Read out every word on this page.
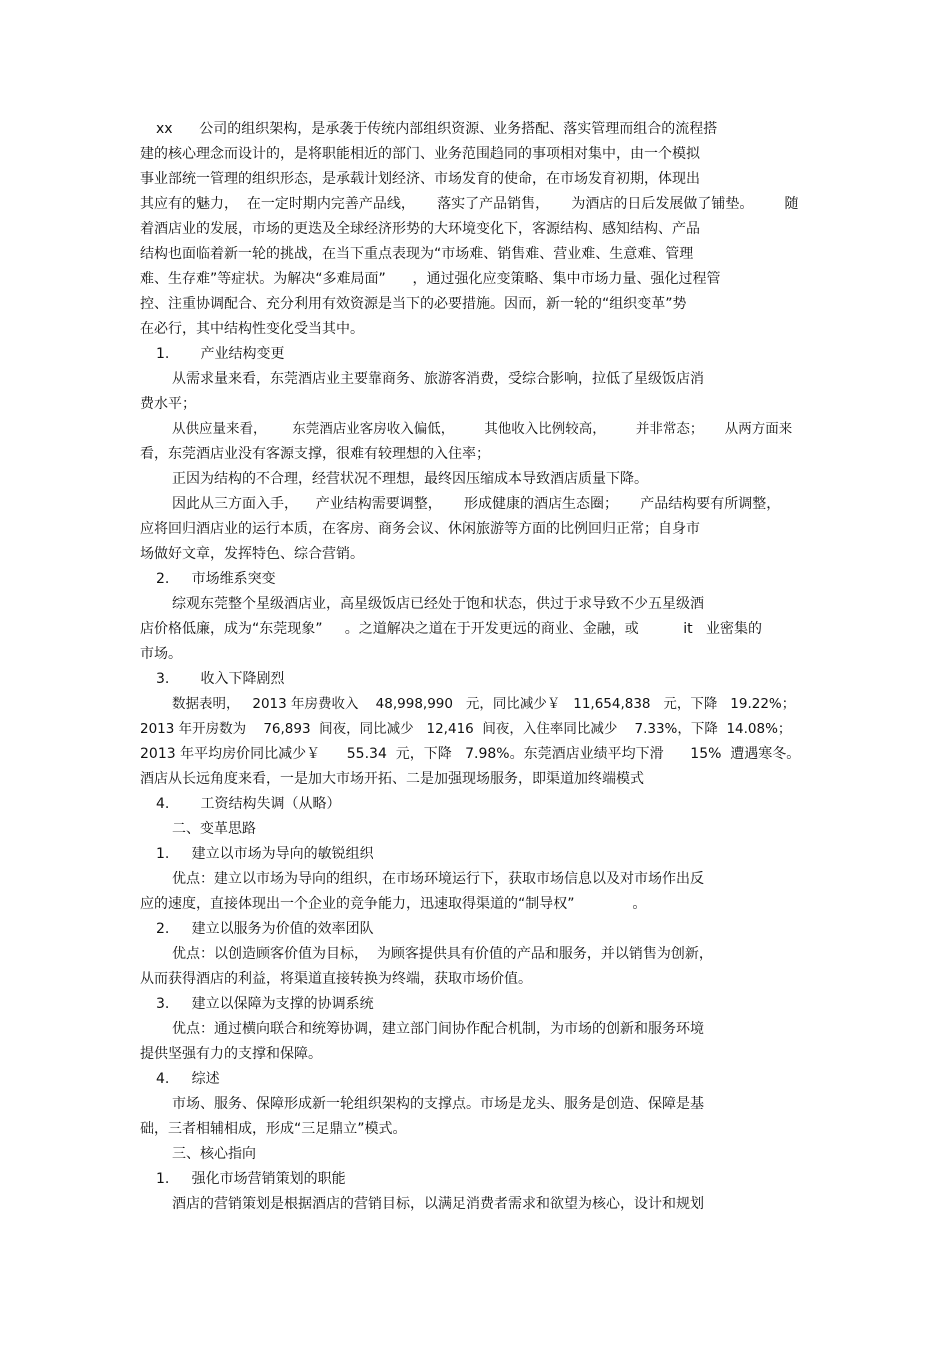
xx      公司的组织架构，是承袭于传统内部组织资源、业务搭配、落实管理而组合的流程搭
建的核心理念而设计的，是将职能相近的部门、业务范围趋同的事项相对集中，由一个模拟
事业部统一管理的组织形态，是承载计划经济、市场发育的使命，在市场发育初期，体现出
其应有的魅力，  在一定时期内完善产品线，     落实了产品销售，     为酒店的日后发展做了铺垫。       随
着酒店业的发展，市场的更迭及全球经济形势的大环境变化下，客源结构、感知结构、产品
结构也面临着新一轮的挑战，在当下重点表现为“市场难、销售难、营业难、生意难、管理
难、生存难”等症状。为解决“多难局面”      ，通过强化应变策略、集中市场力量、强化过程管
控、注重协调配合、充分利用有效资源是当下的必要措施。因而，新一轮的“组织变革”势
在必行，其中结构性变化受当其中。
1.       产业结构变更
从需求量来看，东莞酒店业主要靠商务、旅游客消费，受综合影响，拉低了星级饭店消
费水平；
从供应量来看，      东莞酒店业客房收入偏低，       其他收入比例较高，       并非常态；     从两方面来
看，东莞酒店业没有客源支撑，很难有较理想的入住率；
正因为结构的不合理，经营状况不理想，最终因压缩成本导致酒店质量下降。
因此从三方面入手，    产业结构需要调整，     形成健康的酒店生态圈；     产品结构要有所调整，
应将回归酒店业的运行本质，在客房、商务会议、休闲旅游等方面的比例回归正常；自身市
场做好文章，发挥特色、综合营销。
2.     市场维系突变
综观东莞整个星级酒店业，高星级饭店已经处于饱和状态，供过于求导致不少五星级酒
店价格低廉，成为“东莞现象”     。之道解决之道在于开发更远的商业、金融，或          it   业密集的
市场。
3.       收入下降剧烈
数据表明，   2013 年房费收入    48,998,990   元，同比减少￥   11,654,838   元，下降   19.22%；
2013 年开房数为    76,893  间夜，同比减少   12,416  间夜，入住率同比减少    7.33%，下降  14.08%；
2013 年平均房价同比减少￥      55.34  元，下降   7.98%。东莞酒店业绩平均下滑      15%  遭遇寒冬。
酒店从长远角度来看，一是加大市场开拓、二是加强现场服务，即渠道加终端模式
4.       工资结构失调（从略）
二、变革思路
1.     建立以市场为导向的敏锐组织
优点：建立以市场为导向的组织，在市场环境运行下，获取市场信息以及对市场作出反
应的速度，直接体现出一个企业的竞争能力，迅速取得渠道的“制导权”             。
2.     建立以服务为价值的效率团队
优点：以创造顾客价值为目标，  为顾客提供具有价值的产品和服务，并以销售为创新，
从而获得酒店的利益，将渠道直接转换为终端，获取市场价值。
3.     建立以保障为支撑的协调系统
优点：通过横向联合和统筹协调，建立部门间协作配合机制，为市场的创新和服务环境
提供坚强有力的支撑和保障。
4.     综述
市场、服务、保障形成新一轮组织架构的支撑点。市场是龙头、服务是创造、保障是基
础，三者相辅相成，形成“三足鼎立”模式。
三、核心指向
1.     强化市场营销策划的职能
酒店的营销策划是根据酒店的营销目标，以满足消费者需求和欲望为核心，设计和规划
